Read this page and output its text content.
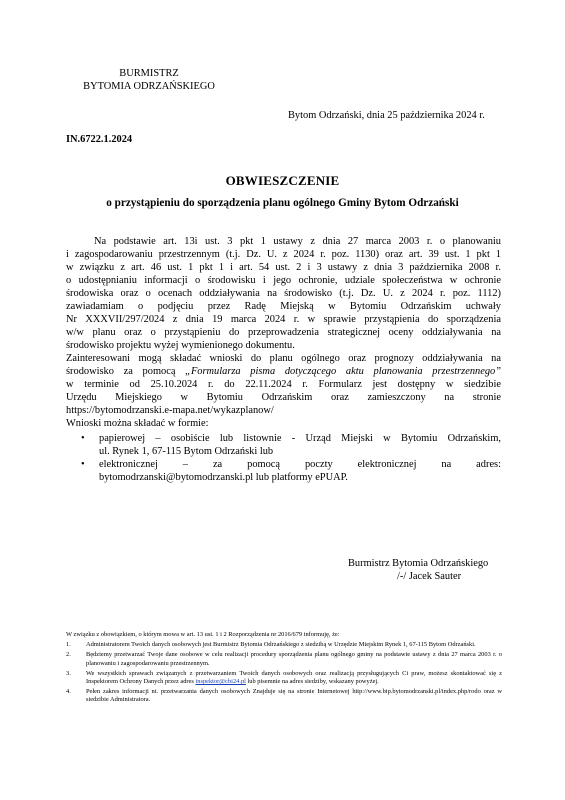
BURMISTRZ
BYTOMIA ODRZAŃSKIEGO
Bytom Odrzański, dnia 25 października 2024 r.
IN.6722.1.2024
OBWIESZCZENIE
o przystąpieniu do sporządzenia planu ogólnego Gminy Bytom Odrzański
Na podstawie art. 13i ust. 3 pkt 1 ustawy z dnia 27 marca 2003 r. o planowaniu
i zagospodarowaniu przestrzennym (t.j. Dz. U. z 2024 r. poz. 1130) oraz art. 39 ust. 1 pkt 1
w związku z art. 46 ust. 1 pkt 1 i art. 54 ust. 2 i 3 ustawy z dnia 3 października 2008 r.
o udostępnianiu informacji o środowisku i jego ochronie, udziale społeczeństwa w ochronie
środowiska oraz o ocenach oddziaływania na środowisko (t.j. Dz. U. z 2024 r. poz. 1112)
zawiadamiam o podjęciu przez Radę Miejską w Bytomiu Odrzańskim uchwały
Nr XXXVII/297/2024 z dnia 19 marca 2024 r. w sprawie przystąpienia do sporządzenia
w/w planu oraz o przystąpieniu do przeprowadzenia strategicznej oceny oddziaływania na
środowisko projektu wyżej wymienionego dokumentu.
Zainteresowani mogą składać wnioski do planu ogólnego oraz prognozy oddziaływania na
środowisko za pomocą „Formularza pisma dotyczącego aktu planowania przestrzennego”
w terminie od 25.10.2024 r. do 22.11.2024 r. Formularz jest dostępny w siedzibie
Urzędu Miejskiego w Bytomiu Odrzańskim oraz zamieszczony na stronie
https://bytomodrzanski.e-mapa.net/wykazplanow/
Wnioski można składać w formie:
• papierowej – osobiście lub listownie - Urząd Miejski w Bytomiu Odrzańskim,
ul. Rynek 1, 67-115 Bytom Odrzański lub
• elektronicznej – za pomocą poczty elektronicznej na adres:
bytomodrzanski@bytomodrzanski.pl lub platformy ePUAP.
Burmistrz Bytomia Odrzańskiego
/-/ Jacek Sauter
W związku z obowiązkiem, o którym mowa w art. 13 ust. 1 i 2 Rozporządzenia nr 2016/679 informuję, że:
1. Administratorem Twoich danych osobowych jest Burmistrz Bytomia Odrzańskiego z siedzibą w Urzędzie Miejskim Rynek 1, 67-115 Bytom Odrzański.
2. Będziemy przetwarzać Twoje dane osobowe w celu realizacji procedury sporządzenia planu ogólnego gminy na podstawie ustawy z dnia 27 marca 2003 r. o planowaniu i zagospodarowaniu przestrzennym.
3. We wszystkich sprawach związanych z przetwarzaniem Twoich danych osobowych oraz realizacją przysługujących Ci praw, możesz skontaktować się z Inspektorem Ochrony Danych przez adres inspektor@cbi24.pl lub pisemnie na adres siedziby, wskazany powyżej.
4. Pełen zakres informacji nt. przetwarzania danych osobowych Znajduje się na stronie Internetowej http://www.bip.bytomodrzanski.pl/index.php/rodo oraz w siedzibie Administratora.
